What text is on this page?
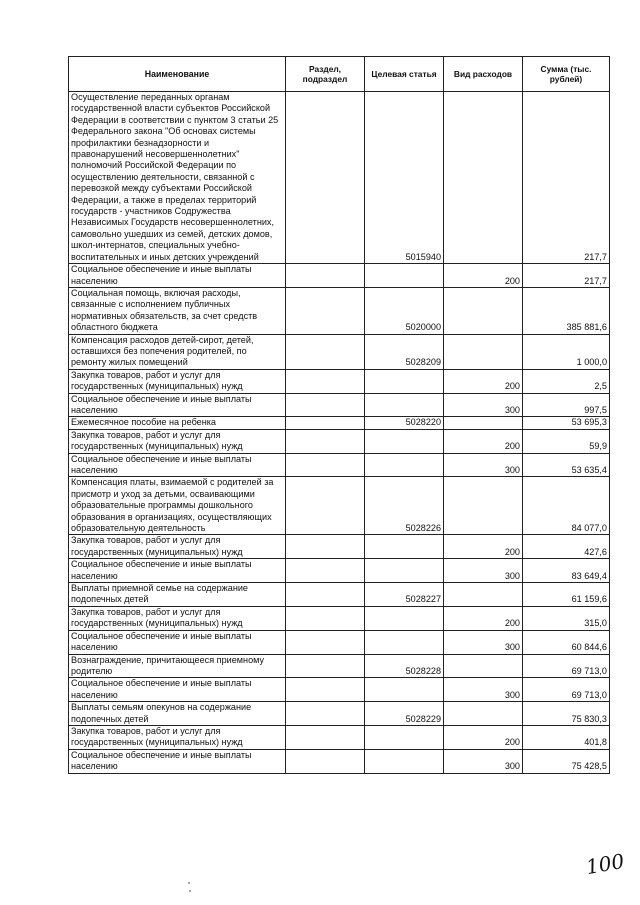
Наименование	Раздел, подраздел	Целевая статья	Вид расходов	Сумма (тыс. рублей)
Осуществление переданных органам государственной власти субъектов Российской Федерации в соответствии с пунктом 3 статьи 25 Федерального закона "Об основах системы профилактики безнадзорности и правонарушений несовершеннолетних" полномочий Российской Федерации по осуществлению деятельности, связанной с перевозкой между субъектами Российской Федерации, а также в пределах территорий государств - участников Содружества Независимых Государств несовершеннолетних, самовольно ушедших из семей, детских домов, школ-интернатов, специальных учебно-воспитательных и иных детских учреждений		5015940		217,7
Социальное обеспечение и иные выплаты населению			200	217,7
Социальная помощь, включая расходы, связанные с исполнением публичных нормативных обязательств, за счет средств областного бюджета		5020000		385 881,6
Компенсация расходов детей-сирот, детей, оставшихся без попечения родителей, по ремонту жилых помещений		5028209		1 000,0
Закупка товаров, работ и услуг для государственных (муниципальных) нужд			200	2,5
Социальное обеспечение и иные выплаты населению			300	997,5
Ежемесячное пособие на ребенка		5028220		53 695,3
Закупка товаров, работ и услуг для государственных (муниципальных) нужд			200	59,9
Социальное обеспечение и иные выплаты населению			300	53 635,4
Компенсация платы, взимаемой с родителей за присмотр и уход за детьми, осваивающими образовательные программы дошкольного образования в организациях, осуществляющих образовательную деятельность		5028226		84 077,0
Закупка товаров, работ и услуг для государственных (муниципальных) нужд			200	427,6
Социальное обеспечение и иные выплаты населению			300	83 649,4
Выплаты приемной семье на содержание подопечных детей		5028227		61 159,6
Закупка товаров, работ и услуг для государственных (муниципальных) нужд			200	315,0
Социальное обеспечение и иные выплаты населению			300	60 844,6
Вознаграждение, причитающееся приемному родителю		5028228		69 713,0
Социальное обеспечение и иные выплаты населению			300	69 713,0
Выплаты семьям опекунов на содержание подопечных детей		5028229		75 830,3
Закупка товаров, работ и услуг для государственных (муниципальных) нужд			200	401,8
Социальное обеспечение и иные выплаты населению			300	75 428,5
100
